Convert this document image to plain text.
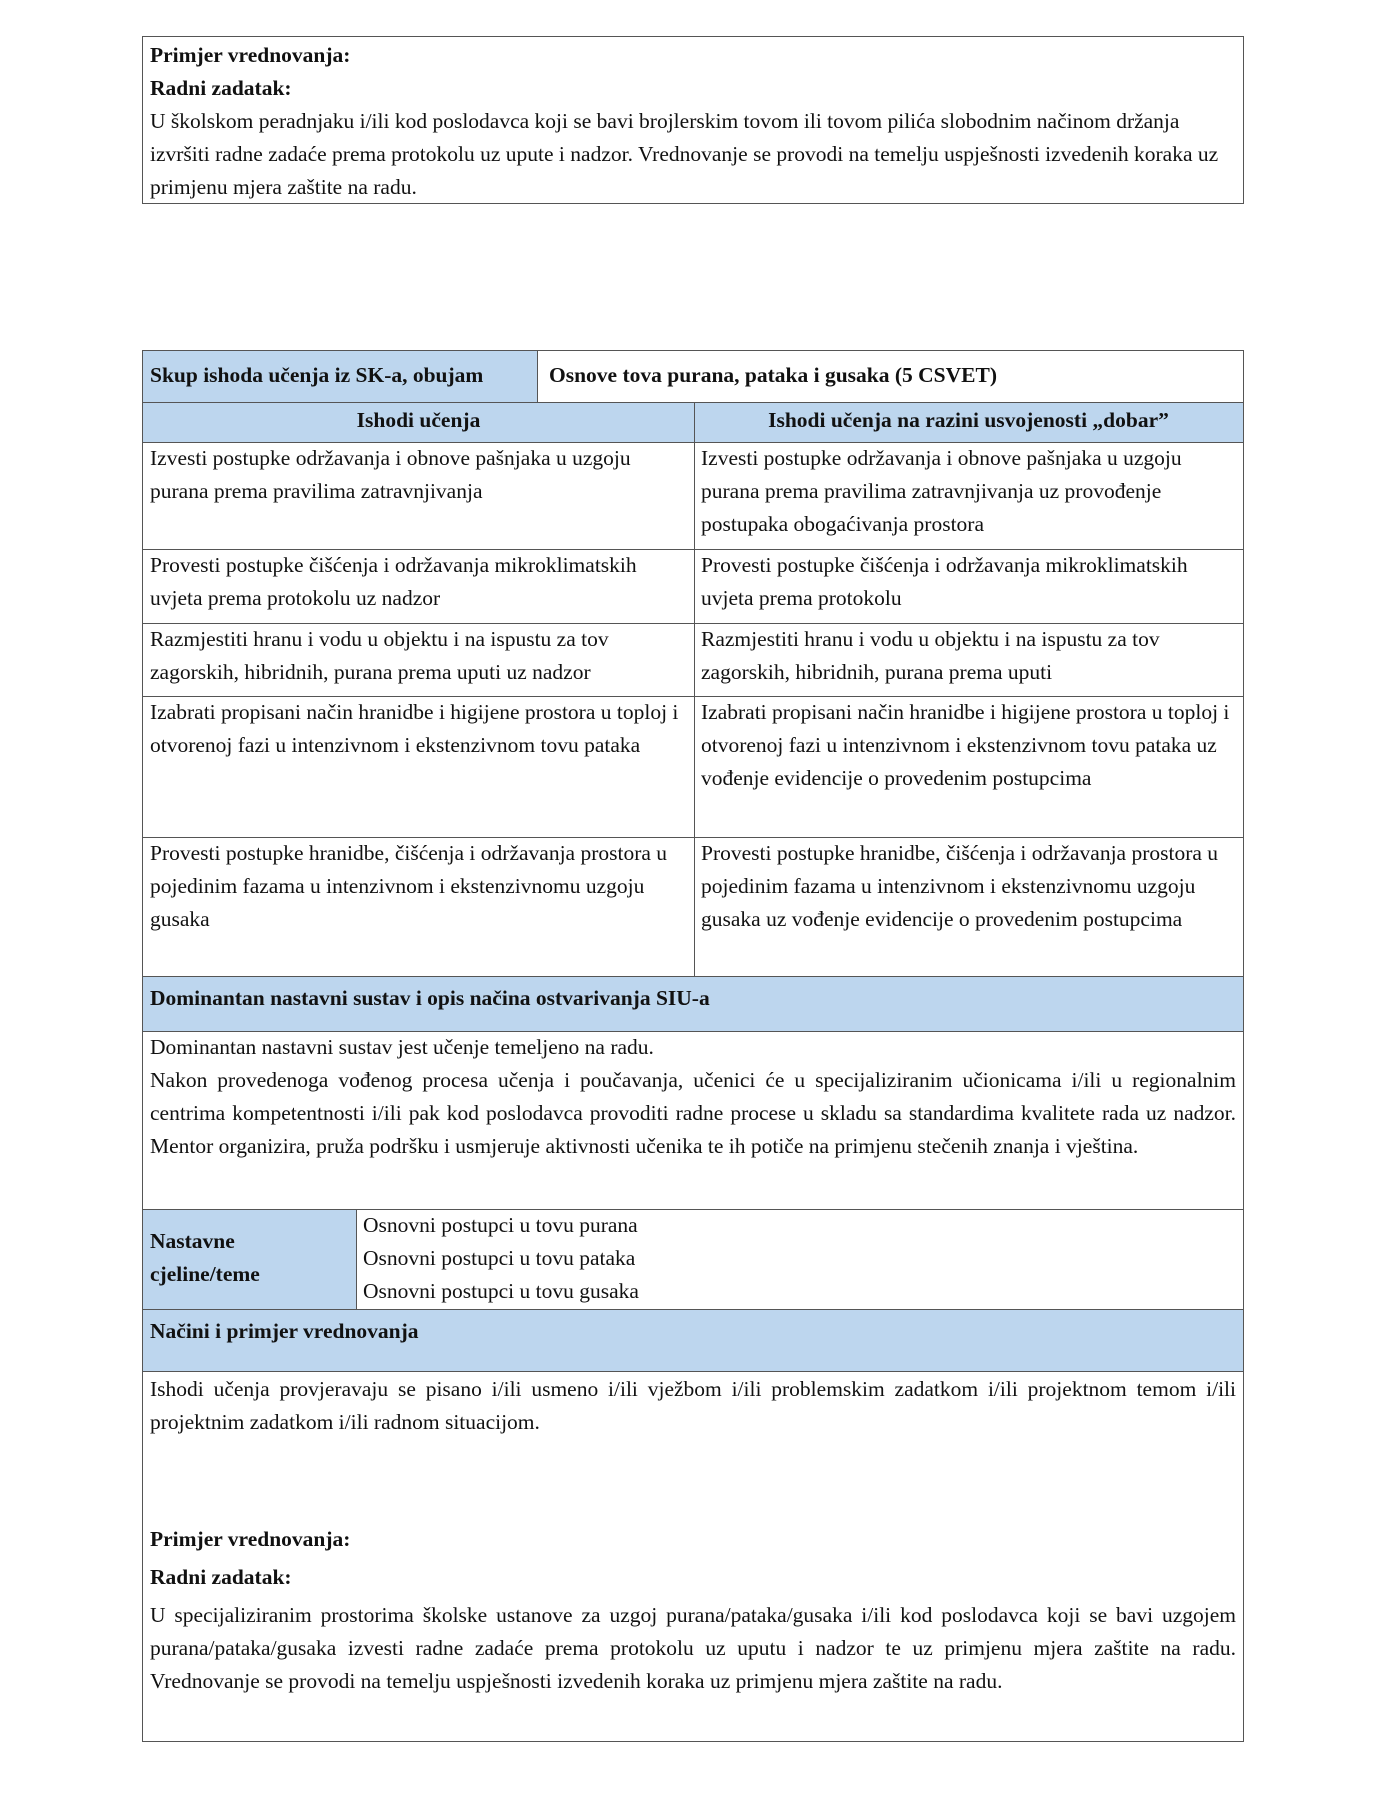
Primjer vrednovanja:

Radni zadatak:

U školskom peradnjaku i/ili kod poslodavca koji se bavi brojlerskim tovom ili tovom pilića slobodnim načinom držanja izvršiti radne zadaće prema protokolu uz upute i nadzor. Vrednovanje se provodi na temelju uspješnosti izvedenih koraka uz primjenu mjera zaštite na radu.

Skup ishoda učenja iz SK-a, obujam	Osnove tova purana, pataka i gusaka (5 CSVET)
Ishodi učenja	Ishodi učenja na razini usvojenosti „dobar”
Izvesti postupke održavanja i obnove pašnjaka u uzgoju purana prema pravilima zatravnjivanja
Izvesti postupke održavanja i obnove pašnjaka u uzgoju purana prema pravilima zatravnjivanja uz provođenje postupaka obogaćivanja prostora
Provesti postupke čišćenja i održavanja mikroklimatskih uvjeta prema protokolu uz nadzor
Provesti postupke čišćenja i održavanja mikroklimatskih uvjeta prema protokolu
Razmjestiti hranu i vodu u objektu i na ispustu za tov zagorskih, hibridnih, purana prema uputi uz nadzor
Razmjestiti hranu i vodu u objektu i na ispustu za tov zagorskih, hibridnih, purana prema uputi
Izabrati propisani način hranidbe i higijene prostora u toploj i otvorenoj fazi u intenzivnom i ekstenzivnom tovu pataka
Izabrati propisani način hranidbe i higijene prostora u toploj i otvorenoj fazi u intenzivnom i ekstenzivnom tovu pataka uz vođenje evidencije o provedenim postupcima
Provesti postupke hranidbe, čišćenja i održavanja prostora u pojedinim fazama u intenzivnom i ekstenzivnomu uzgoju gusaka
Provesti postupke hranidbe, čišćenja i održavanja prostora u pojedinim fazama u intenzivnom i ekstenzivnomu uzgoju gusaka uz vođenje evidencije o provedenim postupcima
Dominantan nastavni sustav i opis načina ostvarivanja SIU-a

Dominantan nastavni sustav jest učenje temeljeno na radu.

Nakon provedenoga vođenog procesa učenja i poučavanja, učenici će u specijaliziranim učionicama i/ili u regionalnim centrima kompetentnosti i/ili pak kod poslodavca provoditi radne procese u skladu sa standardima kvalitete rada uz nadzor. Mentor organizira, pruža podršku i usmjeruje aktivnosti učenika te ih potiče na primjenu stečenih znanja i vještina.

Nastavne cjeline/teme

Osnovni postupci u tovu purana

Osnovni postupci u tovu pataka

Osnovni postupci u tovu gusaka

Načini i primjer vrednovanja

Ishodi učenja provjeravaju se pisano i/ili usmeno i/ili vježbom i/ili problemskim zadatkom i/ili projektnom temom i/ili projektnim zadatkom i/ili radnom situacijom.

Primjer vrednovanja:

Radni zadatak:

U specijaliziranim prostorima školske ustanove za uzgoj purana/pataka/gusaka i/ili kod poslodavca koji se bavi uzgojem purana/pataka/gusaka izvesti radne zadaće prema protokolu uz uputu i nadzor te uz primjenu mjera zaštite na radu. Vrednovanje se provodi na temelju uspješnosti izvedenih koraka uz primjenu mjera zaštite na radu.
